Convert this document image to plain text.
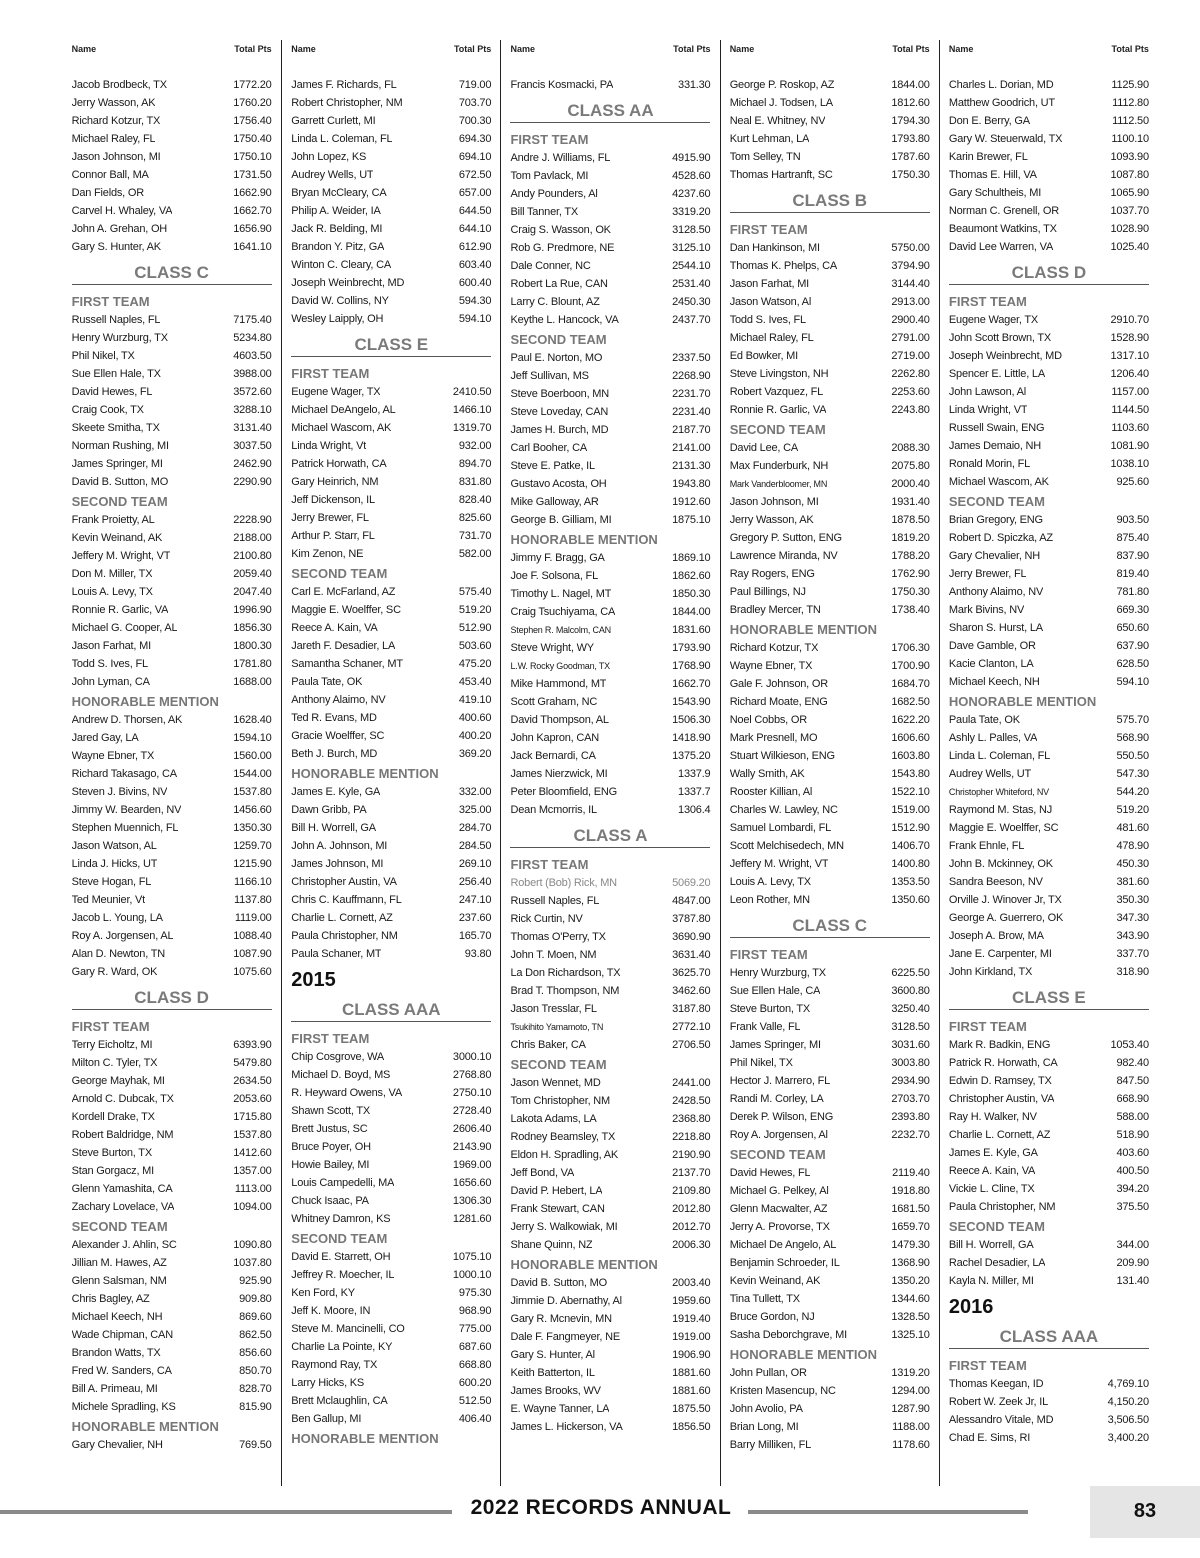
Name	Total Pts
Jacob Brodbeck, TX	1772.20
Jerry Wasson, AK	1760.20
Richard Kotzur, TX	1756.40
Michael Raley, FL	1750.40
Jason Johnson, MI	1750.10
Connor Ball, MA	1731.50
Dan Fields, OR	1662.90
Carvel H. Whaley, VA	1662.70
John A. Grehan, OH	1656.90
Gary S. Hunter, AK	1641.10
CLASS C
FIRST TEAM
Russell Naples, FL	7175.40
Henry Wurzburg, TX	5234.80
Phil Nikel, TX	4603.50
Sue Ellen Hale, TX	3988.00
David Hewes, FL	3572.60
Craig Cook, TX	3288.10
Skeete Smitha, TX	3131.40
Norman Rushing, MI	3037.50
James Springer, MI	2462.90
David B. Sutton, MO	2290.90
SECOND TEAM
Frank Proietty, AL	2228.90
Kevin Weinand, AK	2188.00
Jeffery M. Wright, VT	2100.80
Don M. Miller, TX	2059.40
Louis A. Levy, TX	2047.40
Ronnie R. Garlic, VA	1996.90
Michael G. Cooper, AL	1856.30
Jason Farhat, MI	1800.30
Todd S. Ives, FL	1781.80
John Lyman, CA	1688.00
HONORABLE MENTION
Andrew D. Thorsen, AK	1628.40
Jared Gay, LA	1594.10
Wayne Ebner, TX	1560.00
Richard Takasago, CA	1544.00
Steven J. Bivins, NV	1537.80
Jimmy W. Bearden, NV	1456.60
Stephen Muennich, FL	1350.30
Jason Watson, AL	1259.70
Linda J. Hicks, UT	1215.90
Steve Hogan, FL	1166.10
Ted Meunier, Vt	1137.80
Jacob L. Young, LA	1119.00
Roy A. Jorgensen, AL	1088.40
Alan D. Newton, TN	1087.90
Gary R. Ward, OK	1075.60
CLASS D
FIRST TEAM
Terry Eicholtz, MI	6393.90
Milton C. Tyler, TX	5479.80
George Mayhak, MI	2634.50
Arnold C. Dubcak, TX	2053.60
Kordell Drake, TX	1715.80
Robert Baldridge, NM	1537.80
Steve Burton, TX	1412.60
Stan Gorgacz, MI	1357.00
Glenn Yamashita, CA	1113.00
Zachary Lovelace, VA	1094.00
SECOND TEAM
Alexander J. Ahlin, SC	1090.80
Jillian M. Hawes, AZ	1037.80
Glenn Salsman, NM	925.90
Chris Bagley, AZ	909.80
Michael Keech, NH	869.60
Wade Chipman, CAN	862.50
Brandon Watts, TX	856.60
Fred W. Sanders, CA	850.70
Bill A. Primeau, MI	828.70
Michele Spradling, KS	815.90
HONORABLE MENTION
Gary Chevalier, NH	769.50
Name	Total Pts
James F. Richards, FL	719.00
Robert Christopher, NM	703.70
Garrett Curlett, MI	700.30
Linda L. Coleman, FL	694.30
John Lopez, KS	694.10
Audrey Wells, UT	672.50
Bryan McCleary, CA	657.00
Philip A. Weider, IA	644.50
Jack R. Belding, MI	644.10
Brandon Y. Pitz, GA	612.90
Winton C. Cleary, CA	603.40
Joseph Weinbrecht, MD	600.40
David W. Collins, NY	594.30
Wesley Laipply, OH	594.10
CLASS E
FIRST TEAM
Eugene Wager, TX	2410.50
Michael DeAngelo, AL	1466.10
Michael Wascom, AK	1319.70
Linda Wright, Vt	932.00
Patrick Horwath, CA	894.70
Gary Heinrich, NM	831.80
Jeff Dickenson, IL	828.40
Jerry Brewer, FL	825.60
Arthur P. Starr, FL	731.70
Kim Zenon, NE	582.00
SECOND TEAM
Carl E. McFarland, AZ	575.40
Maggie E. Woelffer, SC	519.20
Reece A. Kain, VA	512.90
Jareth F. Desadier, LA	503.60
Samantha Schaner, MT	475.20
Paula Tate, OK	453.40
Anthony Alaimo, NV	419.10
Ted R. Evans, MD	400.60
Gracie Woelffer, SC	400.20
Beth J. Burch, MD	369.20
HONORABLE MENTION
James E. Kyle, GA	332.00
Dawn Gribb, PA	325.00
Bill H. Worrell, GA	284.70
John A. Johnson, MI	284.50
James Johnson, MI	269.10
Christopher Austin, VA	256.40
Chris C. Kauffmann, FL	247.10
Charlie L. Cornett, AZ	237.60
Paula Christopher, NM	165.70
Paula Schaner, MT	93.80
2015
CLASS AAA
FIRST TEAM
Chip Cosgrove, WA	3000.10
Michael D. Boyd, MS	2768.80
R. Heyward Owens, VA	2750.10
Shawn Scott, TX	2728.40
Brett Justus, SC	2606.40
Bruce Poyer, OH	2143.90
Howie Bailey, MI	1969.00
Louis Campedelli, MA	1656.60
Chuck Isaac, PA	1306.30
Whitney Damron, KS	1281.60
SECOND TEAM
David E. Starrett, OH	1075.10
Jeffrey R. Moecher, IL	1000.10
Ken Ford, KY	975.30
Jeff K. Moore, IN	968.90
Steve M. Mancinelli, CO	775.00
Charlie La Pointe, KY	687.60
Raymond Ray, TX	668.80
Larry Hicks, KS	600.20
Brett Mclaughlin, CA	512.50
Ben Gallup, MI	406.40
HONORABLE MENTION
Name	Total Pts
Francis Kosmacki, PA	331.30
CLASS AA
FIRST TEAM
Andre J. Williams, FL	4915.90
Tom Pavlack, MI	4528.60
Andy Pounders, Al	4237.60
Bill Tanner, TX	3319.20
Craig S. Wasson, OK	3128.50
Rob G. Predmore, NE	3125.10
Dale Conner, NC	2544.10
Robert La Rue, CAN	2531.40
Larry C. Blount, AZ	2450.30
Keythe L. Hancock, VA	2437.70
SECOND TEAM
Paul E. Norton, MO	2337.50
Jeff Sullivan, MS	2268.90
Steve Boerboon, MN	2231.70
Steve Loveday, CAN	2231.40
James H. Burch, MD	2187.70
Carl Booher, CA	2141.00
Steve E. Patke, IL	2131.30
Gustavo Acosta, OH	1943.80
Mike Galloway, AR	1912.60
George B. Gilliam, MI	1875.10
HONORABLE MENTION
Jimmy F. Bragg, GA	1869.10
Joe F. Solsona, FL	1862.60
Timothy L. Nagel, MT	1850.30
Craig Tsuchiyama, CA	1844.00
Stephen R. Malcolm, CAN	1831.60
Steve Wright, WY	1793.90
L.W. Rocky Goodman, TX	1768.90
Mike Hammond, MT	1662.70
Scott Graham, NC	1543.90
David Thompson, AL	1506.30
John Kapron, CAN	1418.90
Jack Bernardi, CA	1375.20
James Nierzwick, MI	1337.9
Peter Bloomfield, ENG	1337.7
Dean Mcmorris, IL	1306.4
CLASS A
FIRST TEAM
Robert (Bob) Rick, MN	5069.20
Russell Naples, FL	4847.00
Rick Curtin, NV	3787.80
Thomas O'Perry, TX	3690.90
John T. Moen, NM	3631.40
La Don Richardson, TX	3625.70
Brad T. Thompson, NM	3462.60
Jason Tresslar, FL	3187.80
Tsukihito Yamamoto, TN	2772.10
Chris Baker, CA	2706.50
SECOND TEAM
Jason Wennet, MD	2441.00
Tom Christopher, NM	2428.50
Lakota Adams, LA	2368.80
Rodney Beamsley, TX	2218.80
Eldon H. Spradling, AK	2190.90
Jeff Bond, VA	2137.70
David P. Hebert, LA	2109.80
Frank Stewart, CAN	2012.80
Jerry S. Walkowiak, MI	2012.70
Shane Quinn, NZ	2006.30
HONORABLE MENTION
David B. Sutton, MO	2003.40
Jimmie D. Abernathy, Al	1959.60
Gary R. Mcnevin, MN	1919.40
Dale F. Fangmeyer, NE	1919.00
Gary S. Hunter, Al	1906.90
Keith Batterton, IL	1881.60
James Brooks, WV	1881.60
E. Wayne Tanner, LA	1875.50
James L. Hickerson, VA	1856.50
Name	Total Pts
George P. Roskop, AZ	1844.00
Michael J. Todsen, LA	1812.60
Neal E. Whitney, NV	1794.30
Kurt Lehman, LA	1793.80
Tom Selley, TN	1787.60
Thomas Hartranft, SC	1750.30
CLASS B
FIRST TEAM
Dan Hankinson, MI	5750.00
Thomas K. Phelps, CA	3794.90
Jason Farhat, MI	3144.40
Jason Watson, Al	2913.00
Todd S. Ives, FL	2900.40
Michael Raley, FL	2791.00
Ed Bowker, MI	2719.00
Steve Livingston, NH	2262.80
Robert Vazquez, FL	2253.60
Ronnie R. Garlic, VA	2243.80
SECOND TEAM
David Lee, CA	2088.30
Max Funderburk, NH	2075.80
Mark Vanderbloomer, MN	2000.40
Jason Johnson, MI	1931.40
Jerry Wasson, AK	1878.50
Gregory P. Sutton, ENG	1819.20
Lawrence Miranda, NV	1788.20
Ray Rogers, ENG	1762.90
Paul Billings, NJ	1750.30
Bradley Mercer, TN	1738.40
HONORABLE MENTION
Richard Kotzur, TX	1706.30
Wayne Ebner, TX	1700.90
Gale F. Johnson, OR	1684.70
Richard Moate, ENG	1682.50
Noel Cobbs, OR	1622.20
Mark Presnell, MO	1606.60
Stuart Wilkieson, ENG	1603.80
Wally Smith, AK	1543.80
Rooster Killian, Al	1522.10
Charles W. Lawley, NC	1519.00
Samuel Lombardi, FL	1512.90
Scott Melchisedech, MN	1406.70
Jeffery M. Wright, VT	1400.80
Louis A. Levy, TX	1353.50
Leon Rother, MN	1350.60
CLASS C
FIRST TEAM
Henry Wurzburg, TX	6225.50
Sue Ellen Hale, CA	3600.80
Steve Burton, TX	3250.40
Frank Valle, FL	3128.50
James Springer, MI	3031.60
Phil Nikel, TX	3003.80
Hector J. Marrero, FL	2934.90
Randi M. Corley, LA	2703.70
Derek P. Wilson, ENG	2393.80
Roy A. Jorgensen, Al	2232.70
SECOND TEAM
David Hewes, FL	2119.40
Michael G. Pelkey, Al	1918.80
Glenn Macwalter, AZ	1681.50
Jerry A. Provorse, TX	1659.70
Michael De Angelo, AL	1479.30
Benjamin Schroeder, IL	1368.90
Kevin Weinand, AK	1350.20
Tina Tullett, TX	1344.60
Bruce Gordon, NJ	1328.50
Sasha Deborchgrave, MI	1325.10
HONORABLE MENTION
John Pullan, OR	1319.20
Kristen Masencup, NC	1294.00
John Avolio, PA	1287.90
Brian Long, MI	1188.00
Barry Milliken, FL	1178.60
Name	Total Pts
Charles L. Dorian, MD	1125.90
Matthew Goodrich, UT	1112.80
Don E. Berry, GA	1112.50
Gary W. Steuerwald, TX	1100.10
Karin Brewer, FL	1093.90
Thomas E. Hill, VA	1087.80
Gary Schultheis, MI	1065.90
Norman C. Grenell, OR	1037.70
Beaumont Watkins, TX	1028.90
David Lee Warren, VA	1025.40
CLASS D
FIRST TEAM
Eugene Wager, TX	2910.70
John Scott Brown, TX	1528.90
Joseph Weinbrecht, MD	1317.10
Spencer E. Little, LA	1206.40
John Lawson, Al	1157.00
Linda Wright, VT	1144.50
Russell Swain, ENG	1103.60
James Demaio, NH	1081.90
Ronald Morin, FL	1038.10
Michael Wascom, AK	925.60
SECOND TEAM
Brian Gregory, ENG	903.50
Robert D. Spiczka, AZ	875.40
Gary Chevalier, NH	837.90
Jerry Brewer, FL	819.40
Anthony Alaimo, NV	781.80
Mark Bivins, NV	669.30
Sharon S. Hurst, LA	650.60
Dave Gamble, OR	637.90
Kacie Clanton, LA	628.50
Michael Keech, NH	594.10
HONORABLE MENTION
Paula Tate, OK	575.70
Ashly L. Palles, VA	568.90
Linda L. Coleman, FL	550.50
Audrey Wells, UT	547.30
Christopher Whiteford, NV	544.20
Raymond M. Stas, NJ	519.20
Maggie E. Woelffer, SC	481.60
Frank Ehnle, FL	478.90
John B. Mckinney, OK	450.30
Sandra Beeson, NV	381.60
Orville J. Winover Jr, TX	350.30
George A. Guerrero, OK	347.30
Joseph A. Brow, MA	343.90
Jane E. Carpenter, MI	337.70
John Kirkland, TX	318.90
CLASS E
FIRST TEAM
Mark R. Badkin, ENG	1053.40
Patrick R. Horwath, CA	982.40
Edwin D. Ramsey, TX	847.50
Christopher Austin, VA	668.90
Ray H. Walker, NV	588.00
Charlie L. Cornett, AZ	518.90
James E. Kyle, GA	403.60
Reece A. Kain, VA	400.50
Vickie L. Cline, TX	394.20
Paula Christopher, NM	375.50
SECOND TEAM
Bill H. Worrell, GA	344.00
Rachel Desadier, LA	209.90
Kayla N. Miller, MI	131.40
2016
CLASS AAA
FIRST TEAM
Thomas Keegan, ID	4,769.10
Robert W. Zeek Jr, IL	4,150.20
Alessandro Vitale, MD	3,506.50
Chad E. Sims, RI	3,400.20
2022 RECORDS ANNUAL	83
